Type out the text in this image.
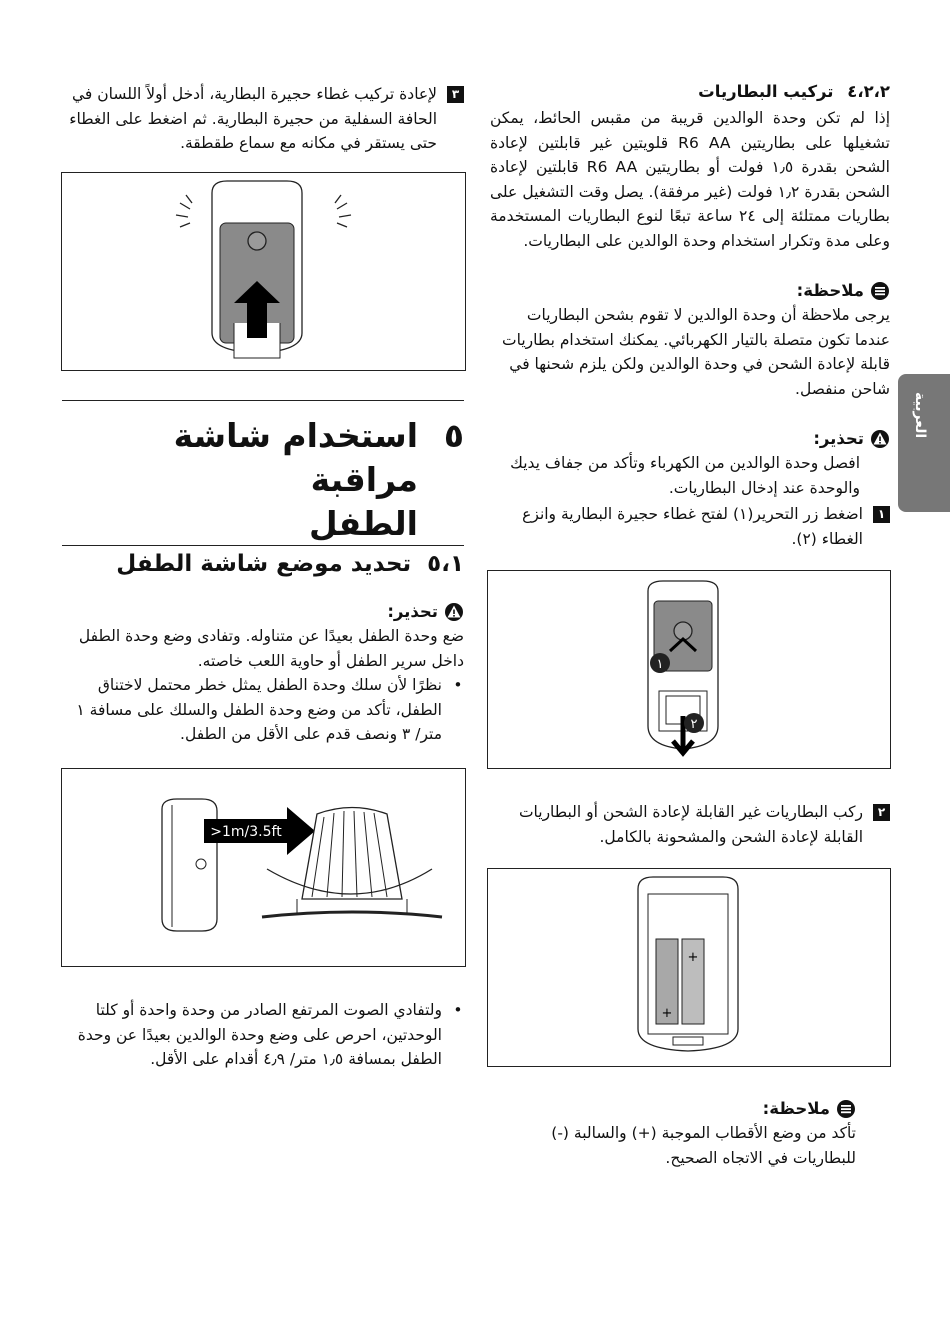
العربية
٤،٢،٢ تركيب البطاريات
إذا لم تكن وحدة الوالدين قريبة من مقبس الحائط، يمكن تشغيلها على بطاريتين R6 AA قلويتين غير قابلتين لإعادة الشحن بقدرة ١٫٥ فولت أو بطاريتين R6 AA قابلتين لإعادة الشحن بقدرة ١٫٢ فولت (غير مرفقة). يصل وقت التشغيل على بطاريات ممتلئة إلى ٢٤ ساعة تبعًا لنوع البطاريات المستخدمة وعلى مدة وتكرار استخدام وحدة الوالدين على البطاريات.
ملاحظة:
يرجى ملاحظة أن وحدة الوالدين لا تقوم بشحن البطاريات عندما تكون متصلة بالتيار الكهربائي. يمكنك استخدام بطاريات قابلة لإعادة الشحن في وحدة الوالدين ولكن يلزم شحنها في شاحن منفصل.
تحذير:
افصل وحدة الوالدين من الكهرباء وتأكد من جفاف يديك والوحدة عند إدخال البطاريات.
١
اضغط زر التحرير(١) لفتح غطاء حجيرة البطارية وانزع الغطاء (٢).
١
٢
٢
ركب البطاريات غير القابلة لإعادة الشحن أو البطاريات القابلة لإعادة الشحن والمشحونة بالكامل.
+
+
ملاحظة:
تأكد من وضع الأقطاب الموجبة (+) والسالبة (-) للبطاريات في الاتجاه الصحيح.
٣
لإعادة تركيب غطاء حجيرة البطارية، أدخل أولاً اللسان في الحافة السفلية من حجيرة البطارية. ثم اضغط على الغطاء حتى يستقر في مكانه مع سماع طقطقة.
٥
استخدام شاشة مراقبة
الطفل
٥،١
تحديد موضع شاشة الطفل
تحذير:
ضع وحدة الطفل بعيدًا عن متناوله. وتفادى وضع وحدة الطفل داخل سرير الطفل أو حاوية اللعب خاصته.
•
نظرًا لأن سلك وحدة الطفل يمثل خطر محتمل لاختناق الطفل، تأكد من وضع وحدة الطفل والسلك على مسافة ١ متر/ ٣ ونصف قدم على الأقل من الطفل.
>1m/3.5ft
•
ولتفادي الصوت المرتفع الصادر من وحدة واحدة أو كلتا الوحدتين، احرص على وضع وحدة الوالدين بعيدًا عن وحدة الطفل بمسافة ١٫٥ متر/ ٤٫٩ أقدام على الأقل.
